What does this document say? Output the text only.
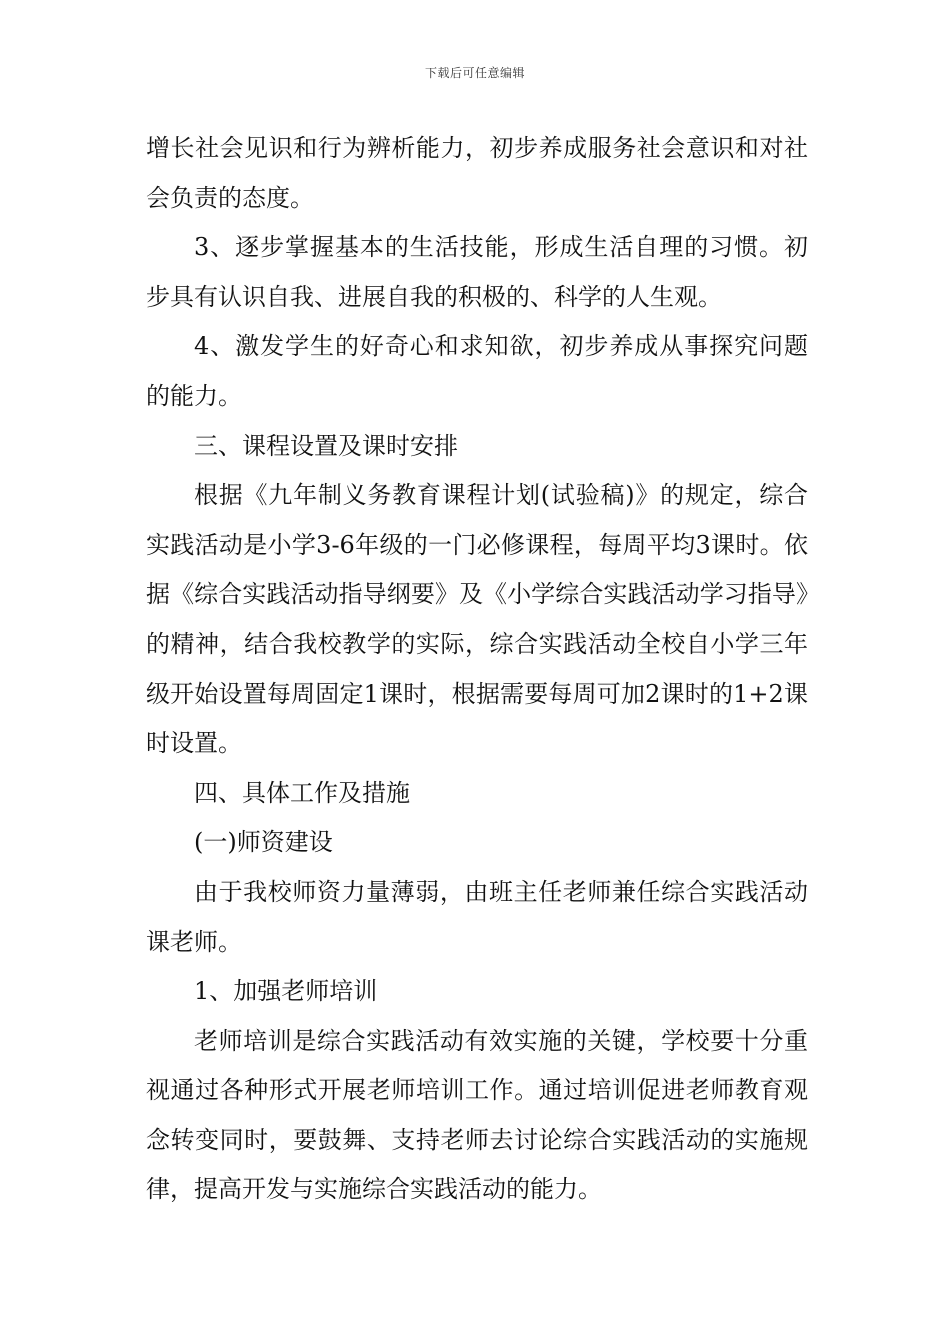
下载后可任意编辑

增长社会见识和行为辨析能力，初步养成服务社会意识和对社会负责的态度。

3、逐步掌握基本的生活技能，形成生活自理的习惯。初步具有认识自我、进展自我的积极的、科学的人生观。

4、激发学生的好奇心和求知欲，初步养成从事探究问题的能力。

三、课程设置及课时安排

根据《九年制义务教育课程计划(试验稿)》的规定，综合实践活动是小学3-6年级的一门必修课程，每周平均3课时。依据《综合实践活动指导纲要》及《小学综合实践活动学习指导》的精神，结合我校教学的实际，综合实践活动全校自小学三年级开始设置每周固定1课时，根据需要每周可加2课时的1+2课时设置。

四、具体工作及措施

(一)师资建设

由于我校师资力量薄弱，由班主任老师兼任综合实践活动课老师。

1、加强老师培训

老师培训是综合实践活动有效实施的关键，学校要十分重视通过各种形式开展老师培训工作。通过培训促进老师教育观念转变同时，要鼓舞、支持老师去讨论综合实践活动的实施规律，提高开发与实施综合实践活动的能力。
